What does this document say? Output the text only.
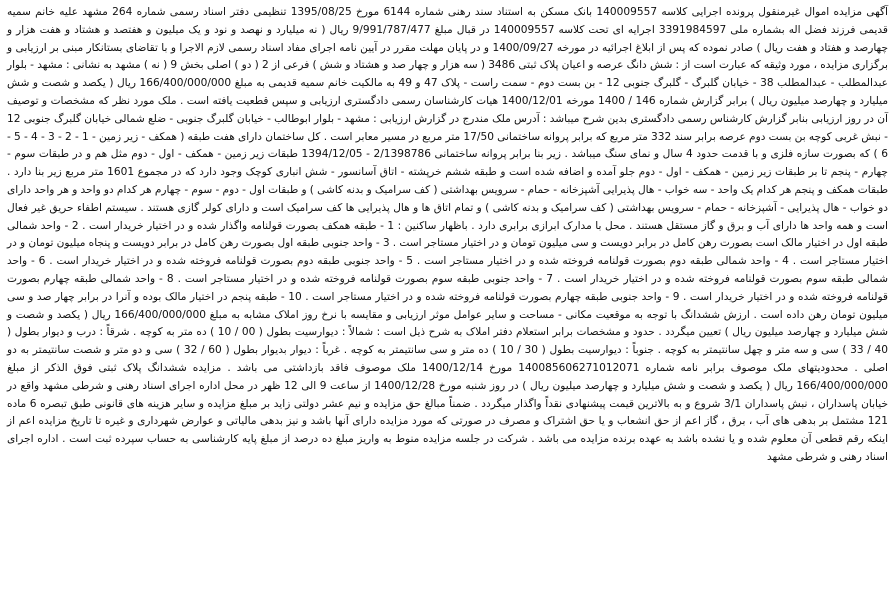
آگهی مزایده اموال غیرمنقول پرونده اجرایی کلاسه 140009557 بانک مسکن به استناد سند رهنی شماره 6144 مورخ 1395/08/25 تنظیمی دفتر اسناد رسمی شماره 264 مشهد علیه خانم سمیه قدیمی فرزند فضل اله بشماره ملی 3391984597 اجرایه ای تحت کلاسه 140009557 در قبال مبلغ 9/991/787/477 ریال ( نه میلیارد و نهصد و نود و یک میلیون و هفتصد و هشتاد و هفت هزار و چهارصد و هفتاد و هفت ریال ) صادر نموده که پس از ابلاغ اجرائیه در مورخه 1400/09/27 و در پایان مهلت مقرر در آیین نامه اجرای مفاد اسناد رسمی لازم الاجرا و با تقاضای بستانکار مبنی بر ارزیابی و برگزاری مزایده ، مورد وثیقه که عبارت است از : شش دانگ عرصه و اعیان پلاک ثبتی 3486 ( سه هزار و چهار صد و هشتاد و شش ) فرعی از 2 ( دو ) اصلی بخش 9 ( نه ) مشهد به نشانی : مشهد - بلوار عبدالمطلب - عبدالمطلب 38 - خیابان گلبرگ - گلبرگ جنوبی 12 - بن بست دوم - سمت راست - پلاک 47 و 49 به مالکیت خانم سمیه قدیمی به مبلغ 166/400/000/000 ریال ( یکصد و شصت و شش میلیارد و چهارصد میلیون ریال ) برابر گزارش شماره 146 / 1400 مورخه 1400/12/01 هیات کارشناسان رسمی دادگستری ارزیابی و سپس قطعیت یافته است . ملک مورد نظر که مشخصات و توصیف آن در روز ارزیابی بنابر گزارش کارشناس رسمی دادگستری بدین شرح میباشد : آدرس ملک مندرج در گزارش ارزیابی : مشهد - بلوار ابوطالب - خیابان گلبرگ جنوبی - ضلع شمالی خیابان گلبرگ جنوبی 12 - نبش غربی کوچه بن بست دوم عرصه برابر سند 332 متر مربع که برابر پروانه ساختمانی 17/50 متر مربع در مسیر معابر است . کل ساختمان دارای هفت طبقه ( همکف - زیر زمین - 1 - 2 - 3 - 4 - 5 - 6 ) که بصورت سازه فلزی و با قدمت حدود 4 سال و نمای سنگ میباشد . زیر بنا برابر پروانه ساختمانی 2/1398786 - 1394/12/05 طبقات زیر زمین - همکف - اول - دوم مثل هم و در طبقات سوم - چهارم - پنجم تا بر طبقات زیر زمین - همکف - اول - دوم جلو آمده و اضافه شده است و طبقه ششم خرپشته - اتاق آسانسور - شش انباری کوچک وجود دارد که در مجموع 1601 متر مربع زیر بنا دارد . طبقات همکف و پنجم هر کدام یک واحد - سه خواب - هال پذیرایی آشپزخانه - حمام - سرویس بهداشتی ( کف سرامیک و بدنه کاشی ) و طبقات اول - دوم - سوم - چهارم هر کدام دو واحد و هر واحد دارای دو خواب - هال پذیرایی - آشپزخانه - حمام - سرویس بهداشتی ( کف سرامیک و بدنه کاشی ) و تمام اتاق ها و هال پذیرایی ها کف سرامیک است و دارای کولر گازی هستند . سیستم اطفاء حریق غیر فعال است و همه واحد ها دارای آب و برق و گاز مستقل هستند . محل با مدارک ابرازی برابری دارد . باظهار ساکنین : 1 - طبقه همکف بصورت قولنامه واگذار شده و در اختیار خریدار است . 2 - واحد شمالی طبقه اول در اختیار مالک است بصورت رهن کامل در برابر دویست و سی میلیون تومان و در اختیار مستاجر است . 3 - واحد جنوبی طبقه اول بصورت رهن کامل در برابر دویست و پنجاه میلیون تومان و در اختیار مستاجر است . 4 - واحد شمالی طبقه دوم بصورت قولنامه فروخته شده و در اختیار مستاجر است . 5 - واحد جنوبی طبقه دوم بصورت قولنامه فروخته شده و در اختیار خریدار است . 6 - واحد شمالی طبقه سوم بصورت قولنامه فروخته شده و در اختیار خریدار است . 7 - واحد جنوبی طبقه سوم بصورت قولنامه فروخته شده و در اختیار مستاجر است . 8 - واحد شمالی طبقه چهارم بصورت قولنامه فروخته شده و در اختیار خریدار است . 9 - واحد جنوبی طبقه چهارم بصورت قولنامه فروخته شده و در اختیار مستاجر است . 10 - طبقه پنجم در اختیار مالک بوده و آنرا در برابر چهار صد و سی میلیون تومان رهن داده است . ارزش ششدانگ با توجه به موقعیت مکانی - مساحت و سایر عوامل موثر ارزیابی و مقایسه با نرخ روز املاک مشابه به مبلغ 166/400/000/000 ریال ( یکصد و شصت و شش میلیارد و چهارصد میلیون ریال ) تعیین میگردد . حدود و مشخصات برابر استعلام دفتر املاک به شرح ذیل است : شمالاً : دیوارسیت بطول ( 00 / 10 ) ده متر به کوچه . شرقاً : درب و دیوار بطول ( 40 / 33 ) سی و سه متر و چهل سانتیمتر به کوچه . جنوباً : دیوارسیت بطول ( 30 / 10 ) ده متر و سی سانتیمتر به کوچه . غرباً : دیوار بدیوار بطول ( 60 / 32 ) سی و دو متر و شصت سانتیمتر به دو اصلی . محدودیتهای ملک موصوف برابر نامه شماره 140085606271012071 مورخ 1400/12/14 ملک موصوف فاقد بازداشتی می باشد . مزایده ششدانگ پلاک ثبتی فوق الذکر از مبلغ 166/400/000/000 ریال ( یکصد و شصت و شش میلیارد و چهارصد میلیون ریال ) در روز شنبه مورخ 1400/12/28 از ساعت 9 الی 12 ظهر در محل اداره اجرای اسناد رهنی و شرطی مشهد واقع در خیابان پاسداران ، نبش پاسداران 3/1 شروع و به بالاترین قیمت پیشنهادی نقداً واگذار میگردد . ضمناً مبالغ حق مزایده و نیم عشر دولتی زاید بر مبلغ مزایده و سایر هزینه های قانونی طبق تبصره 6 ماده 121 مشتمل بر بدهی های آب ، برق ، گاز اعم از حق انشعاب و یا حق اشتراک و مصرف در صورتی که مورد مزایده دارای آنها باشد و نیز بدهی مالیاتی و عوارض شهرداری و غیره تا تاریخ مزایده اعم از اینکه رقم قطعی آن معلوم شده و یا نشده باشد به عهده برنده مزایده می باشد . شرکت در جلسه مزایده منوط به واریز مبلغ ده درصد از مبلغ پایه کارشناسی به حساب سپرده ثبت است . اداره اجرای اسناد رهنی و شرطی مشهد
